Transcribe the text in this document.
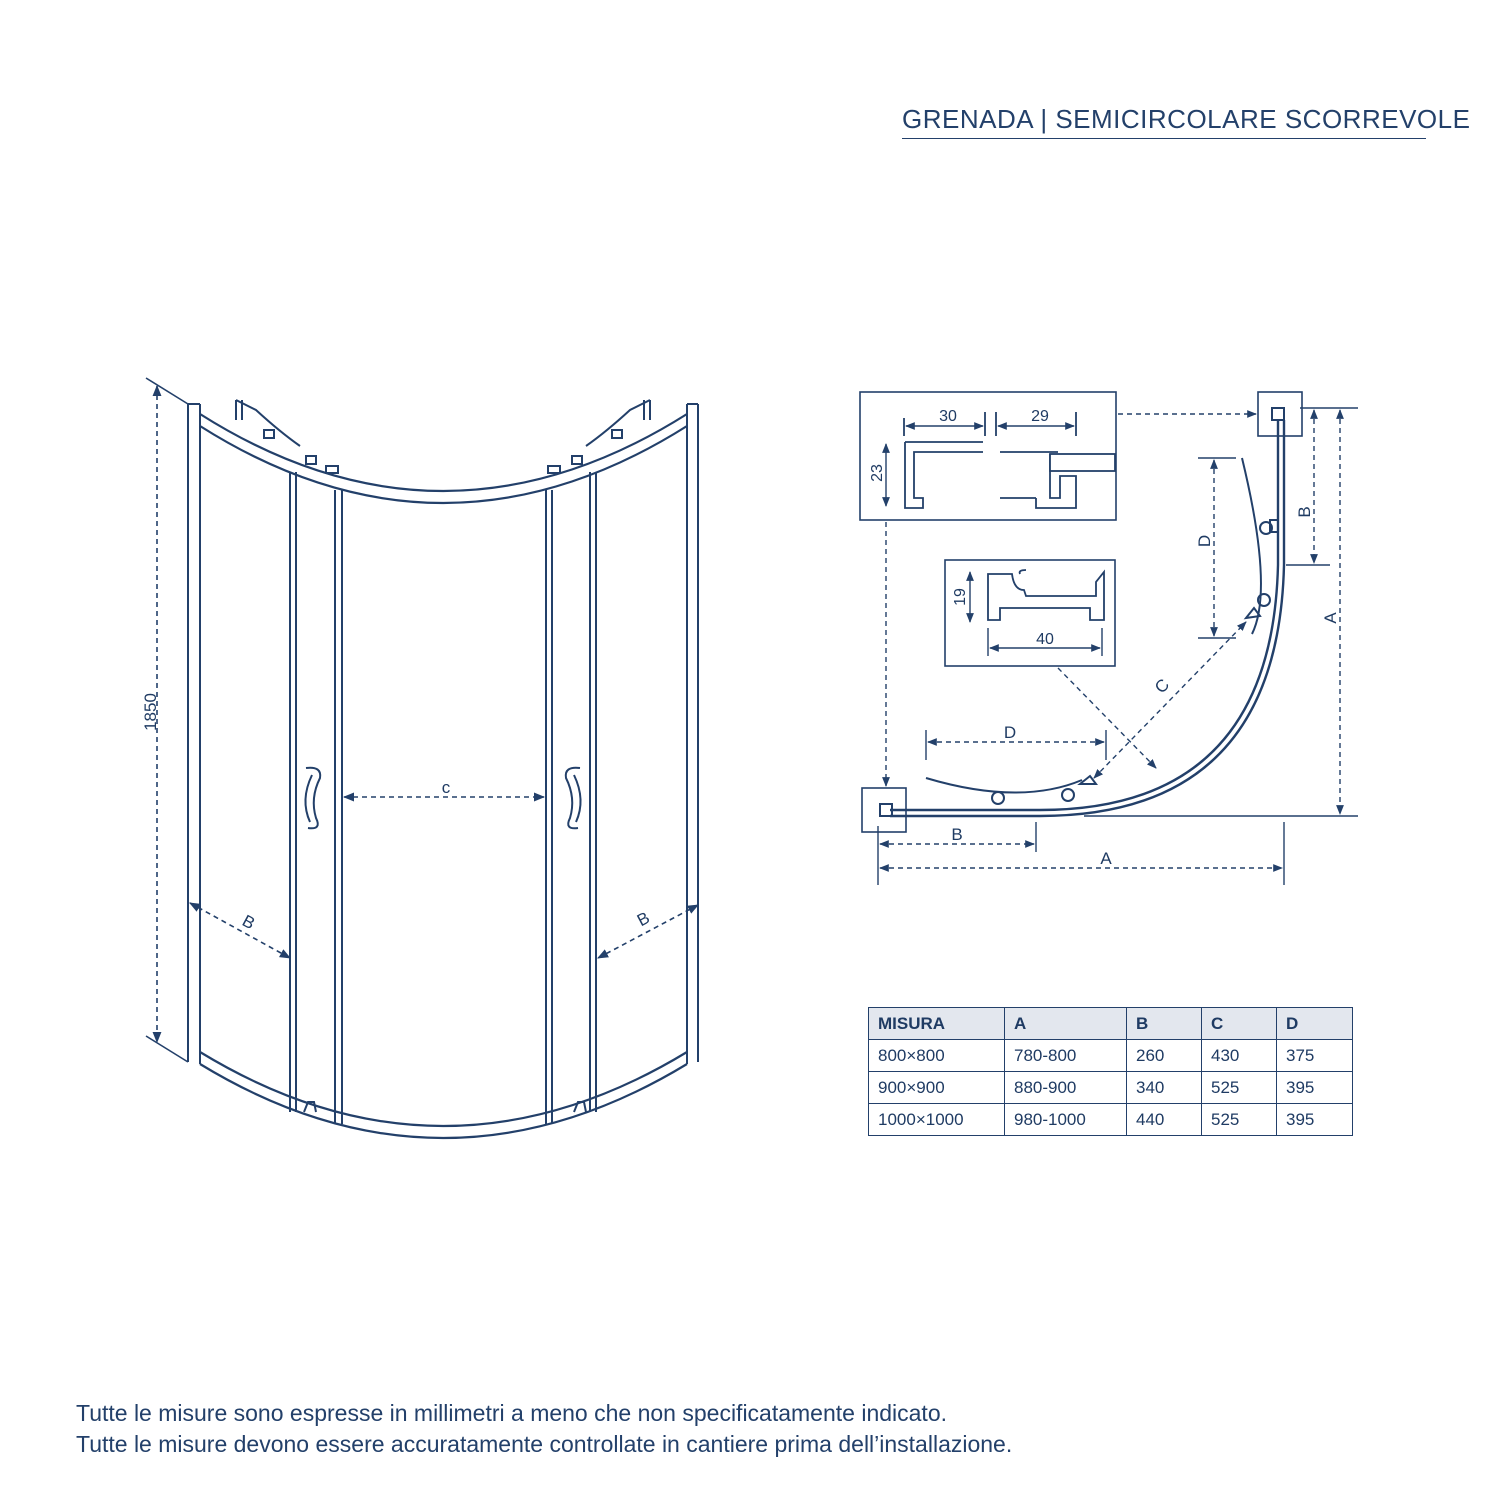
GRENADA | SEMICIRCOLARE SCORREVOLE
1850
c
B	B
30	29
23
19
40
B
A
D
C
D
B
A
MISURA	A	B	C	D
800×800	780-800	260	430	375
900×900	880-900	340	525	395
1000×1000	980-1000	440	525	395
Tutte le misure sono espresse in millimetri a meno che non specificatamente indicato.
Tutte le misure devono essere accuratamente controllate in cantiere prima dell’installazione.
